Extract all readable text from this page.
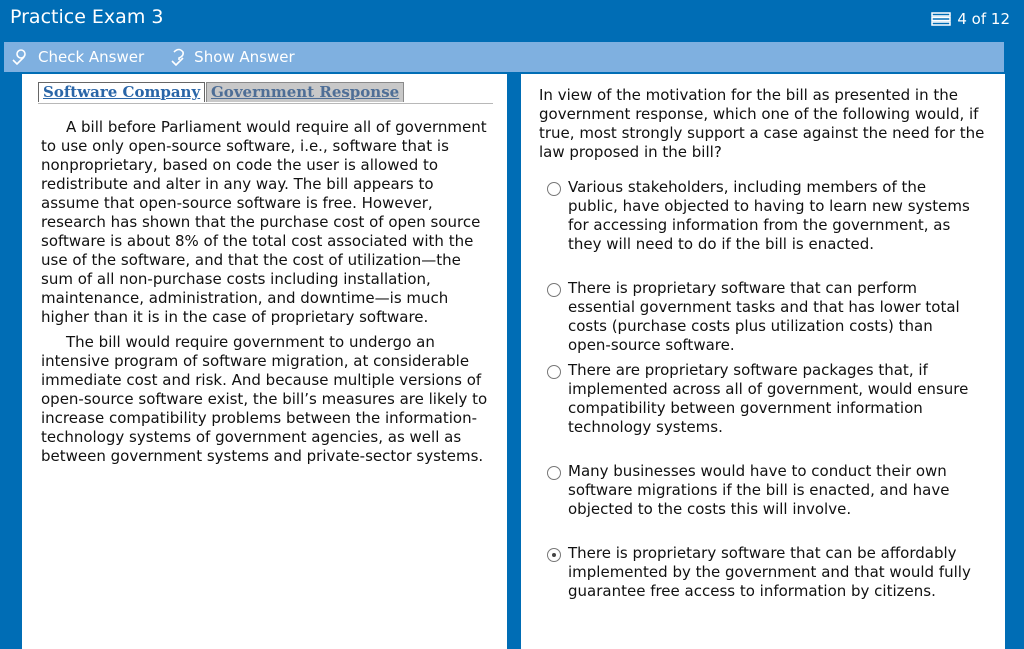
Practice Exam 3	4 of 12
Check Answer	Show Answer
Software Company Government Response

A bill before Parliament would require all of government to use only open-source software, i.e., software that is nonproprietary, based on code the user is allowed to redistribute and alter in any way. The bill appears to assume that open-source software is free. However, research has shown that the purchase cost of open source software is about 8% of the total cost associated with the use of the software, and that the cost of utilization—the sum of all non-purchase costs including installation, maintenance, administration, and downtime—is much higher than it is in the case of proprietary software.

The bill would require government to undergo an intensive program of software migration, at considerable immediate cost and risk. And because multiple versions of open-source software exist, the bill’s measures are likely to increase compatibility problems between the information-technology systems of government agencies, as well as between government systems and private-sector systems.

In view of the motivation for the bill as presented in the government response, which one of the following would, if true, most strongly support a case against the need for the law proposed in the bill?
Various stakeholders, including members of the public, have objected to having to learn new systems for accessing information from the government, as they will need to do if the bill is enacted.
There is proprietary software that can perform essential government tasks and that has lower total costs (purchase costs plus utilization costs) than open-source software.
There are proprietary software packages that, if implemented across all of government, would ensure compatibility between government information technology systems.
Many businesses would have to conduct their own software migrations if the bill is enacted, and have objected to the costs this will involve.
There is proprietary software that can be affordably implemented by the government and that would fully guarantee free access to information by citizens.
